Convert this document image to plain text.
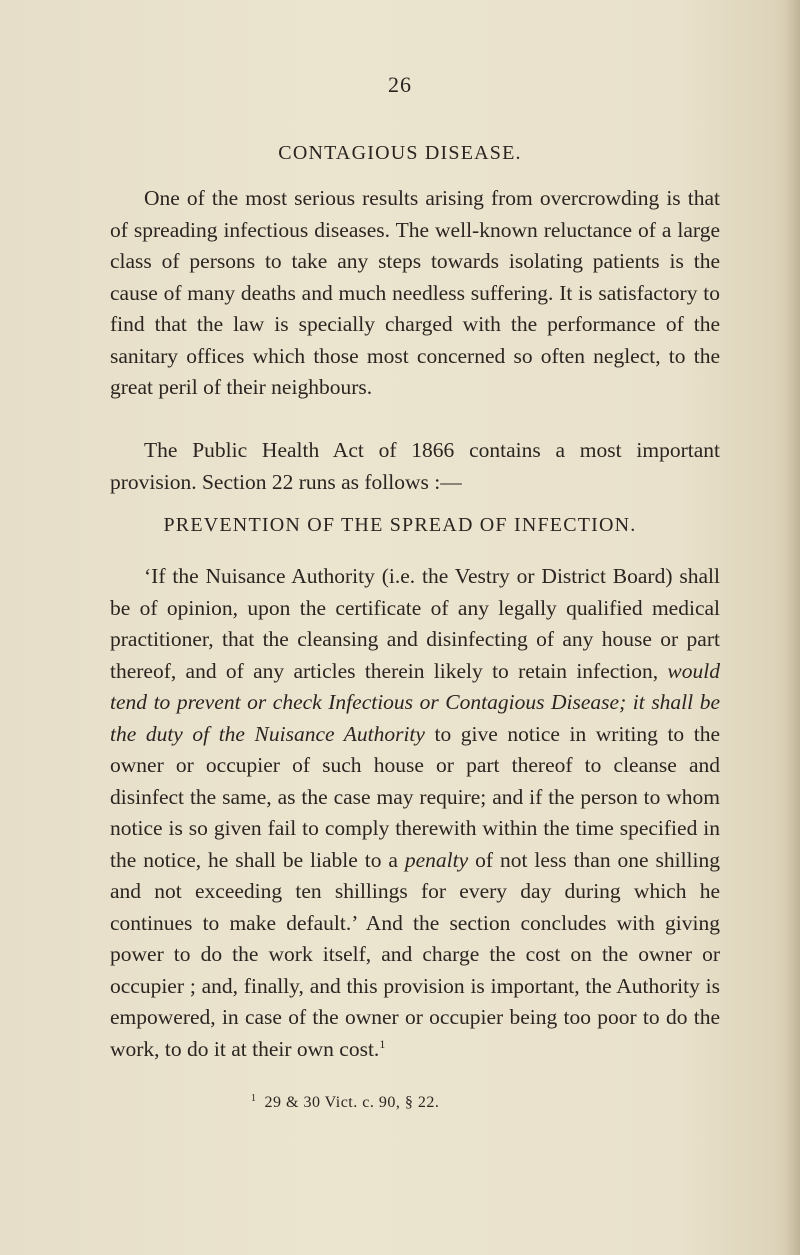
26
CONTAGIOUS DISEASE.

One of the most serious results arising from overcrowding is that of spreading infectious diseases. The well-known reluctance of a large class of persons to take any steps towards isolating patients is the cause of many deaths and much needless suffering. It is satisfactory to find that the law is specially charged with the performance of the sanitary offices which those most concerned so often neglect, to the great peril of their neighbours.

The Public Health Act of 1866 contains a most important provision. Section 22 runs as follows :—

PREVENTION OF THE SPREAD OF INFECTION.

‘If the Nuisance Authority (i.e. the Vestry or District Board) shall be of opinion, upon the certificate of any legally qualified medical practitioner, that the cleansing and disinfecting of any house or part thereof, and of any articles therein likely to retain infection, would tend to prevent or check Infectious or Contagious Disease; it shall be the duty of the Nuisance Authority to give notice in writing to the owner or occupier of such house or part thereof to cleanse and disinfect the same, as the case may require; and if the person to whom notice is so given fail to comply therewith within the time specified in the notice, he shall be liable to a penalty of not less than one shilling and not exceeding ten shillings for every day during which he continues to make default.’ And the section concludes with giving power to do the work itself, and charge the cost on the owner or occupier ; and, finally, and this provision is important, the Authority is empowered, in case of the owner or occupier being too poor to do the work, to do it at their own cost.$^1$

$^1$ 29 & 30 Vict. c. 90, § 22.
